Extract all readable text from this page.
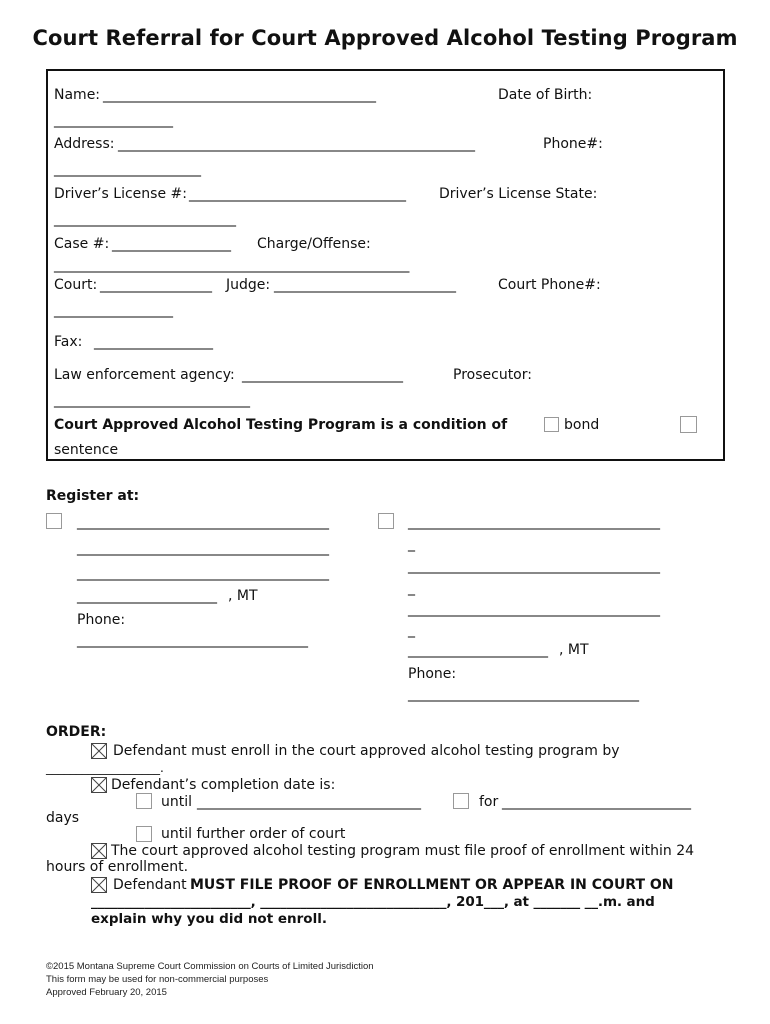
Court Referral for Court Approved Alcohol Testing Program
Name: _______________________________________	Date of Birth:
_________________
Address: ___________________________________________________	Phone#:
_____________________
Driver’s License #: _______________________________ Driver’s License State:
__________________________
Case #: _________________ Charge/Offense:
_____________________________________________________
Court: ________________ Judge: __________________________	Court Phone#:
_________________
Fax: _________________
Law enforcement agency: _______________________	Prosecutor:
____________________________
Court Approved Alcohol Testing Program is a condition of	bond
sentence
Register at:
____________________________________
____________________________________
____________________________________
____________________ , MT
Phone:
_________________________________
____________________________________
_
____________________________________
_
____________________________________
_
____________________ , MT
Phone:
_________________________________
ORDER:
Defendant must enroll in the court approved alcohol testing program by
___________________.
Defendant’s completion date is:
until ________________________________	for ___________________________
days
until further order of court
The court approved alcohol testing program must file proof of enrollment within 24
hours of enrollment.
Defendant MUST FILE PROOF OF ENROLLMENT OR APPEAR IN COURT ON
________________________, ____________________________, 201___, at _______ __.m. and
explain why you did not enroll.
©2015 Montana Supreme Court Commission on Courts of Limited Jurisdiction
This form may be used for non-commercial purposes
Approved February 20, 2015
